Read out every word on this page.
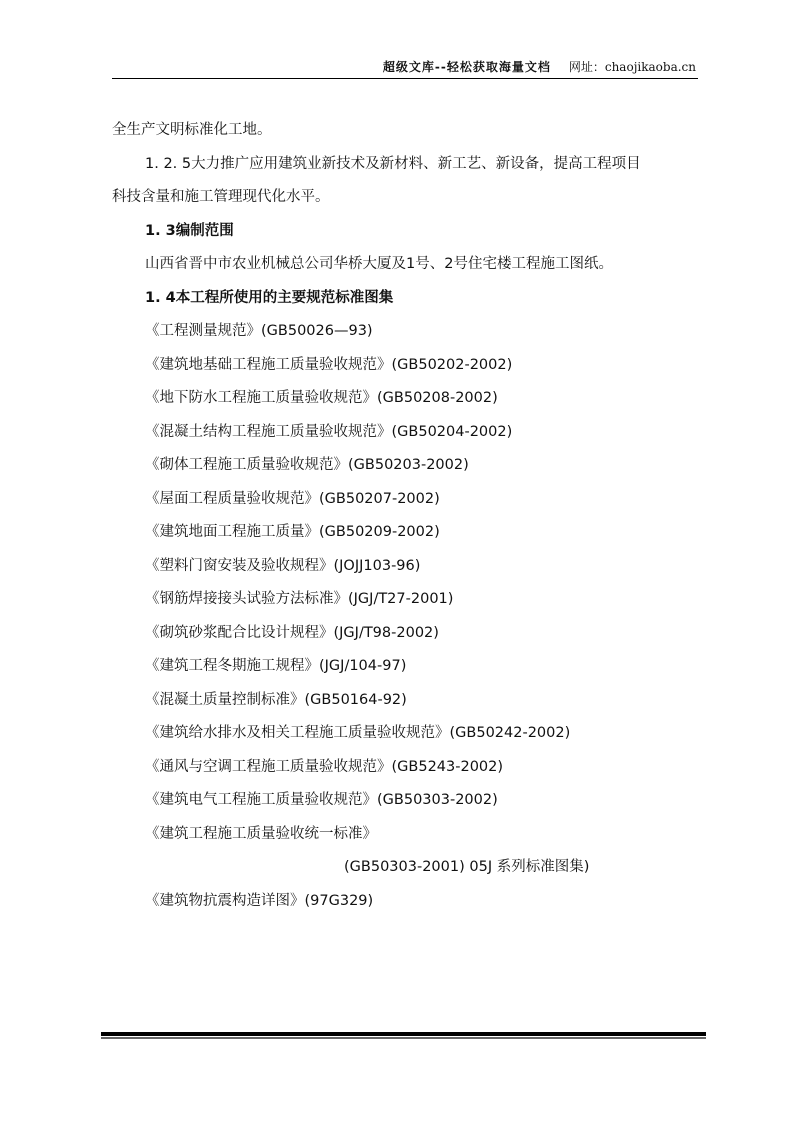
超级文库--轻松获取海量文档 网址：chaojikaoba.cn

全生产文明标准化工地。

1. 2. 5大力推广应用建筑业新技术及新材料、新工艺、新设备，提高工程项目

科技含量和施工管理现代化水平。

1. 3编制范围

山西省晋中市农业机械总公司华桥大厦及1号、2号住宅楼工程施工图纸。

1. 4本工程所使用的主要规范标准图集

《工程测量规范》(GB50026—93)

《建筑地基础工程施工质量验收规范》(GB50202-2002)

《地下防水工程施工质量验收规范》(GB50208-2002)

《混凝土结构工程施工质量验收规范》(GB50204-2002)

《砌体工程施工质量验收规范》(GB50203-2002)

《屋面工程质量验收规范》(GB50207-2002)

《建筑地面工程施工质量》(GB50209-2002)

《塑料门窗安装及验收规程》(JOJJ103-96)

《钢筋焊接接头试验方法标准》(JGJ/T27-2001)

《砌筑砂浆配合比设计规程》(JGJ/T98-2002)

《建筑工程冬期施工规程》(JGJ/104-97)

《混凝土质量控制标准》(GB50164-92)

《建筑给水排水及相关工程施工质量验收规范》(GB50242-2002)

《通风与空调工程施工质量验收规范》(GB5243-2002)

《建筑电气工程施工质量验收规范》(GB50303-2002)

《建筑工程施工质量验收统一标准》

(GB50303-2001) 05J 系列标准图集)

《建筑物抗震构造详图》(97G329)
